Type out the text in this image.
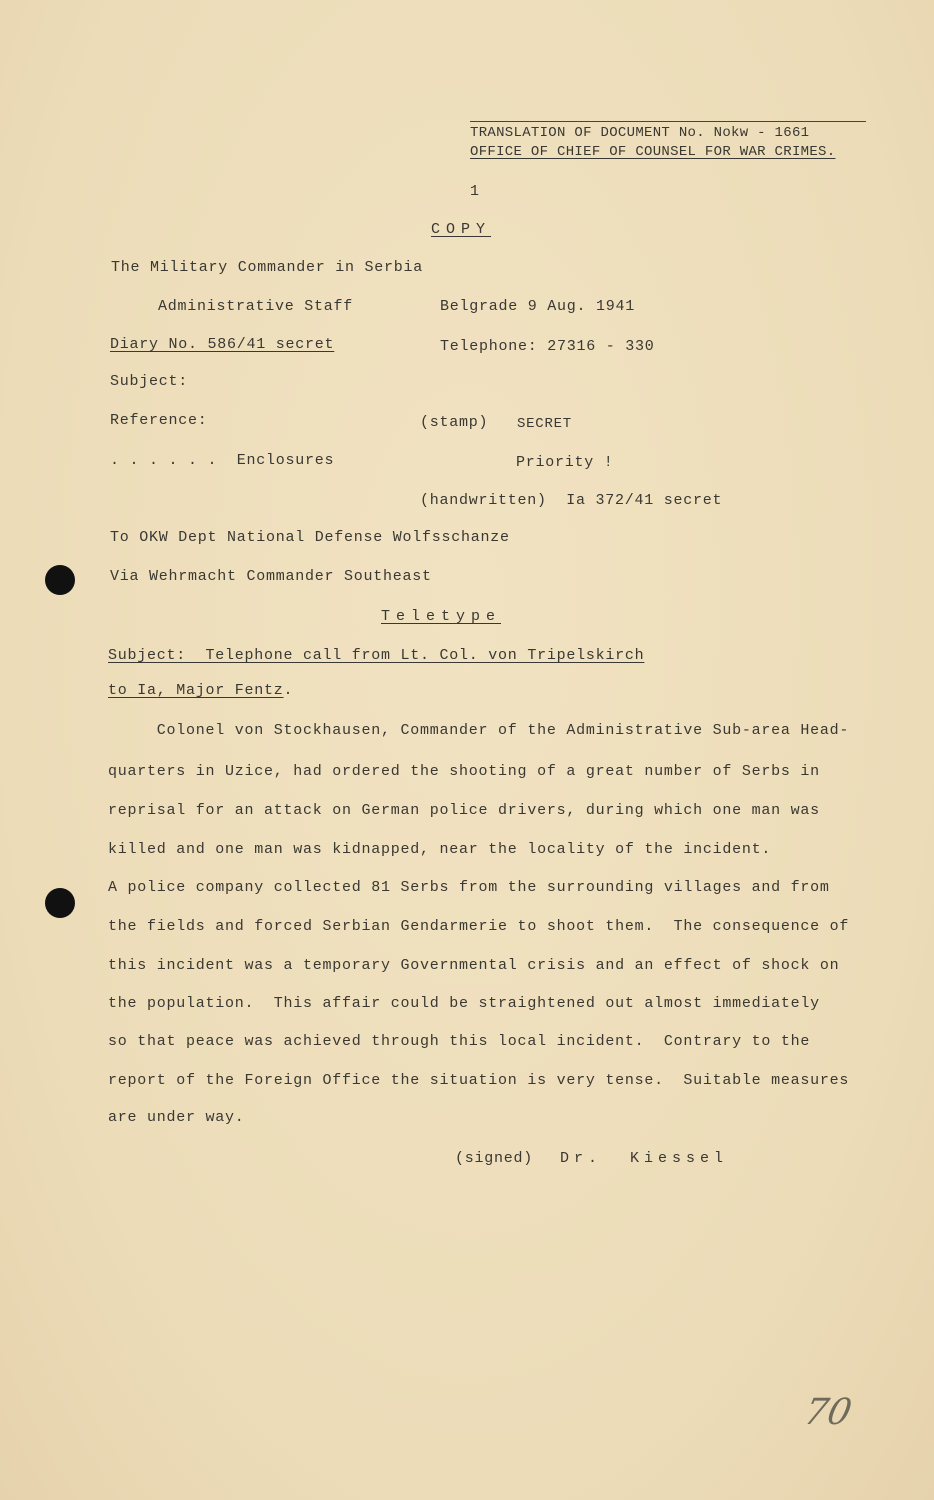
TRANSLATION OF DOCUMENT No. Nokw - 1661
OFFICE OF CHIEF OF COUNSEL FOR WAR CRIMES.
1
COPY
The Military Commander in Serbia
Administrative Staff	Belgrade 9 Aug. 1941
Diary No. 586/41 secret	Telephone: 27316 - 330
Subject:
Reference:	(stamp) SECRET
. . . . . .  Enclosures	Priority !
(handwritten)  Ia 372/41 secret
To OKW Dept National Defense Wolfsschanze
Via Wehrmacht Commander Southeast
Teletype
Subject:  Telephone call from Lt. Col. von Tripelskirch
to Ia, Major Fentz.
Colonel von Stockhausen, Commander of the Administrative Sub-area Head-
quarters in Uzice, had ordered the shooting of a great number of Serbs in
reprisal for an attack on German police drivers, during which one man was
killed and one man was kidnapped, near the locality of the incident.
A police company collected 81 Serbs from the surrounding villages and from
the fields and forced Serbian Gendarmerie to shoot them.  The consequence of
this incident was a temporary Governmental crisis and an effect of shock on
the population.  This affair could be straightened out almost immediately
so that peace was achieved through this local incident.  Contrary to the
report of the Foreign Office the situation is very tense.  Suitable measures
are under way.
(signed) Dr.  Kiessel
70
